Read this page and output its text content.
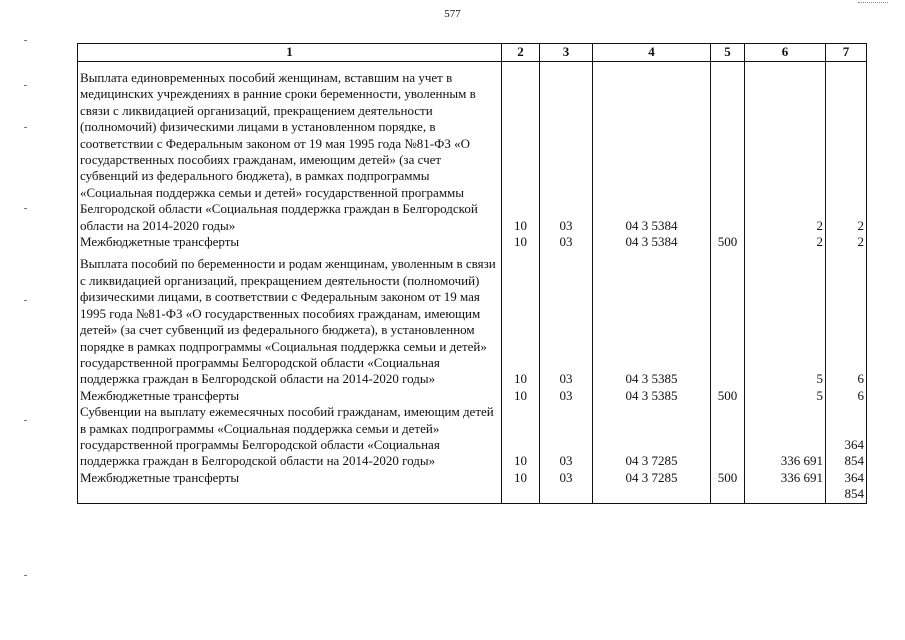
577
1	2	3	4	5	6	7
Выплата единовременных пособий женщинам, вставшим на учет в медицинских учреждениях в ранние сроки беременности, уволенным в связи с ликвидацией организаций, прекращением деятельности (полномочий) физическими лицами в установленном порядке, в соответствии с Федеральным законом от 19 мая 1995 года №81-ФЗ «О государственных пособиях гражданам, имеющим детей» (за счет субвенций из федерального бюджета), в рамках подпрограммы «Социальная поддержка семьи и детей» государственной программы Белгородской области «Социальная поддержка граждан в Белгородской области на 2014-2020 годы»	10	03	04 3 5384		2	2
Межбюджетные трансферты	10	03	04 3 5384	500	2	2
Выплата пособий по беременности и родам женщинам, уволенным в связи с ликвидацией организаций, прекращением деятельности (полномочий) физическими лицами, в соответствии с Федеральным законом от 19 мая 1995 года №81-ФЗ «О государственных пособиях гражданам, имеющим детей» (за счет субвенций из федерального бюджета), в установленном порядке в рамках подпрограммы «Социальная поддержка семьи и детей» государственной программы Белгородской области «Социальная поддержка граждан в Белгородской области на 2014-2020 годы»	10	03	04 3 5385		5	6
Межбюджетные трансферты	10	03	04 3 5385	500	5	6
Субвенции на выплату ежемесячных пособий гражданам, имеющим детей в рамках подпрограммы «Социальная поддержка семьи и детей» государственной программы Белгородской области «Социальная поддержка граждан в Белгородской области на 2014-2020 годы»	10	03	04 3 7285		336 691	364 854
Межбюджетные трансферты	10	03	04 3 7285	500	336 691	364 854
